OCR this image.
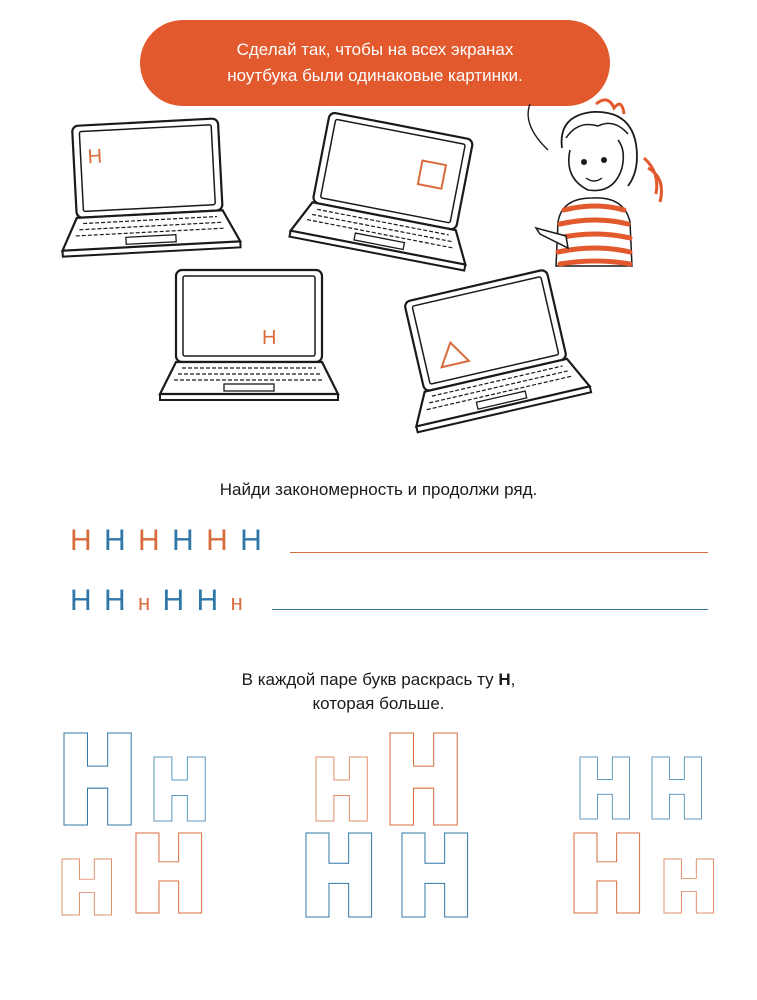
Сделай так, чтобы на всех экранах
ноутбука были одинаковые картинки.
Н
Н
Найди закономерность и продолжи ряд.
Н Н Н Н Н Н
Н Н н Н Н н
В каждой паре букв раскрась ту Н,
которая больше.
